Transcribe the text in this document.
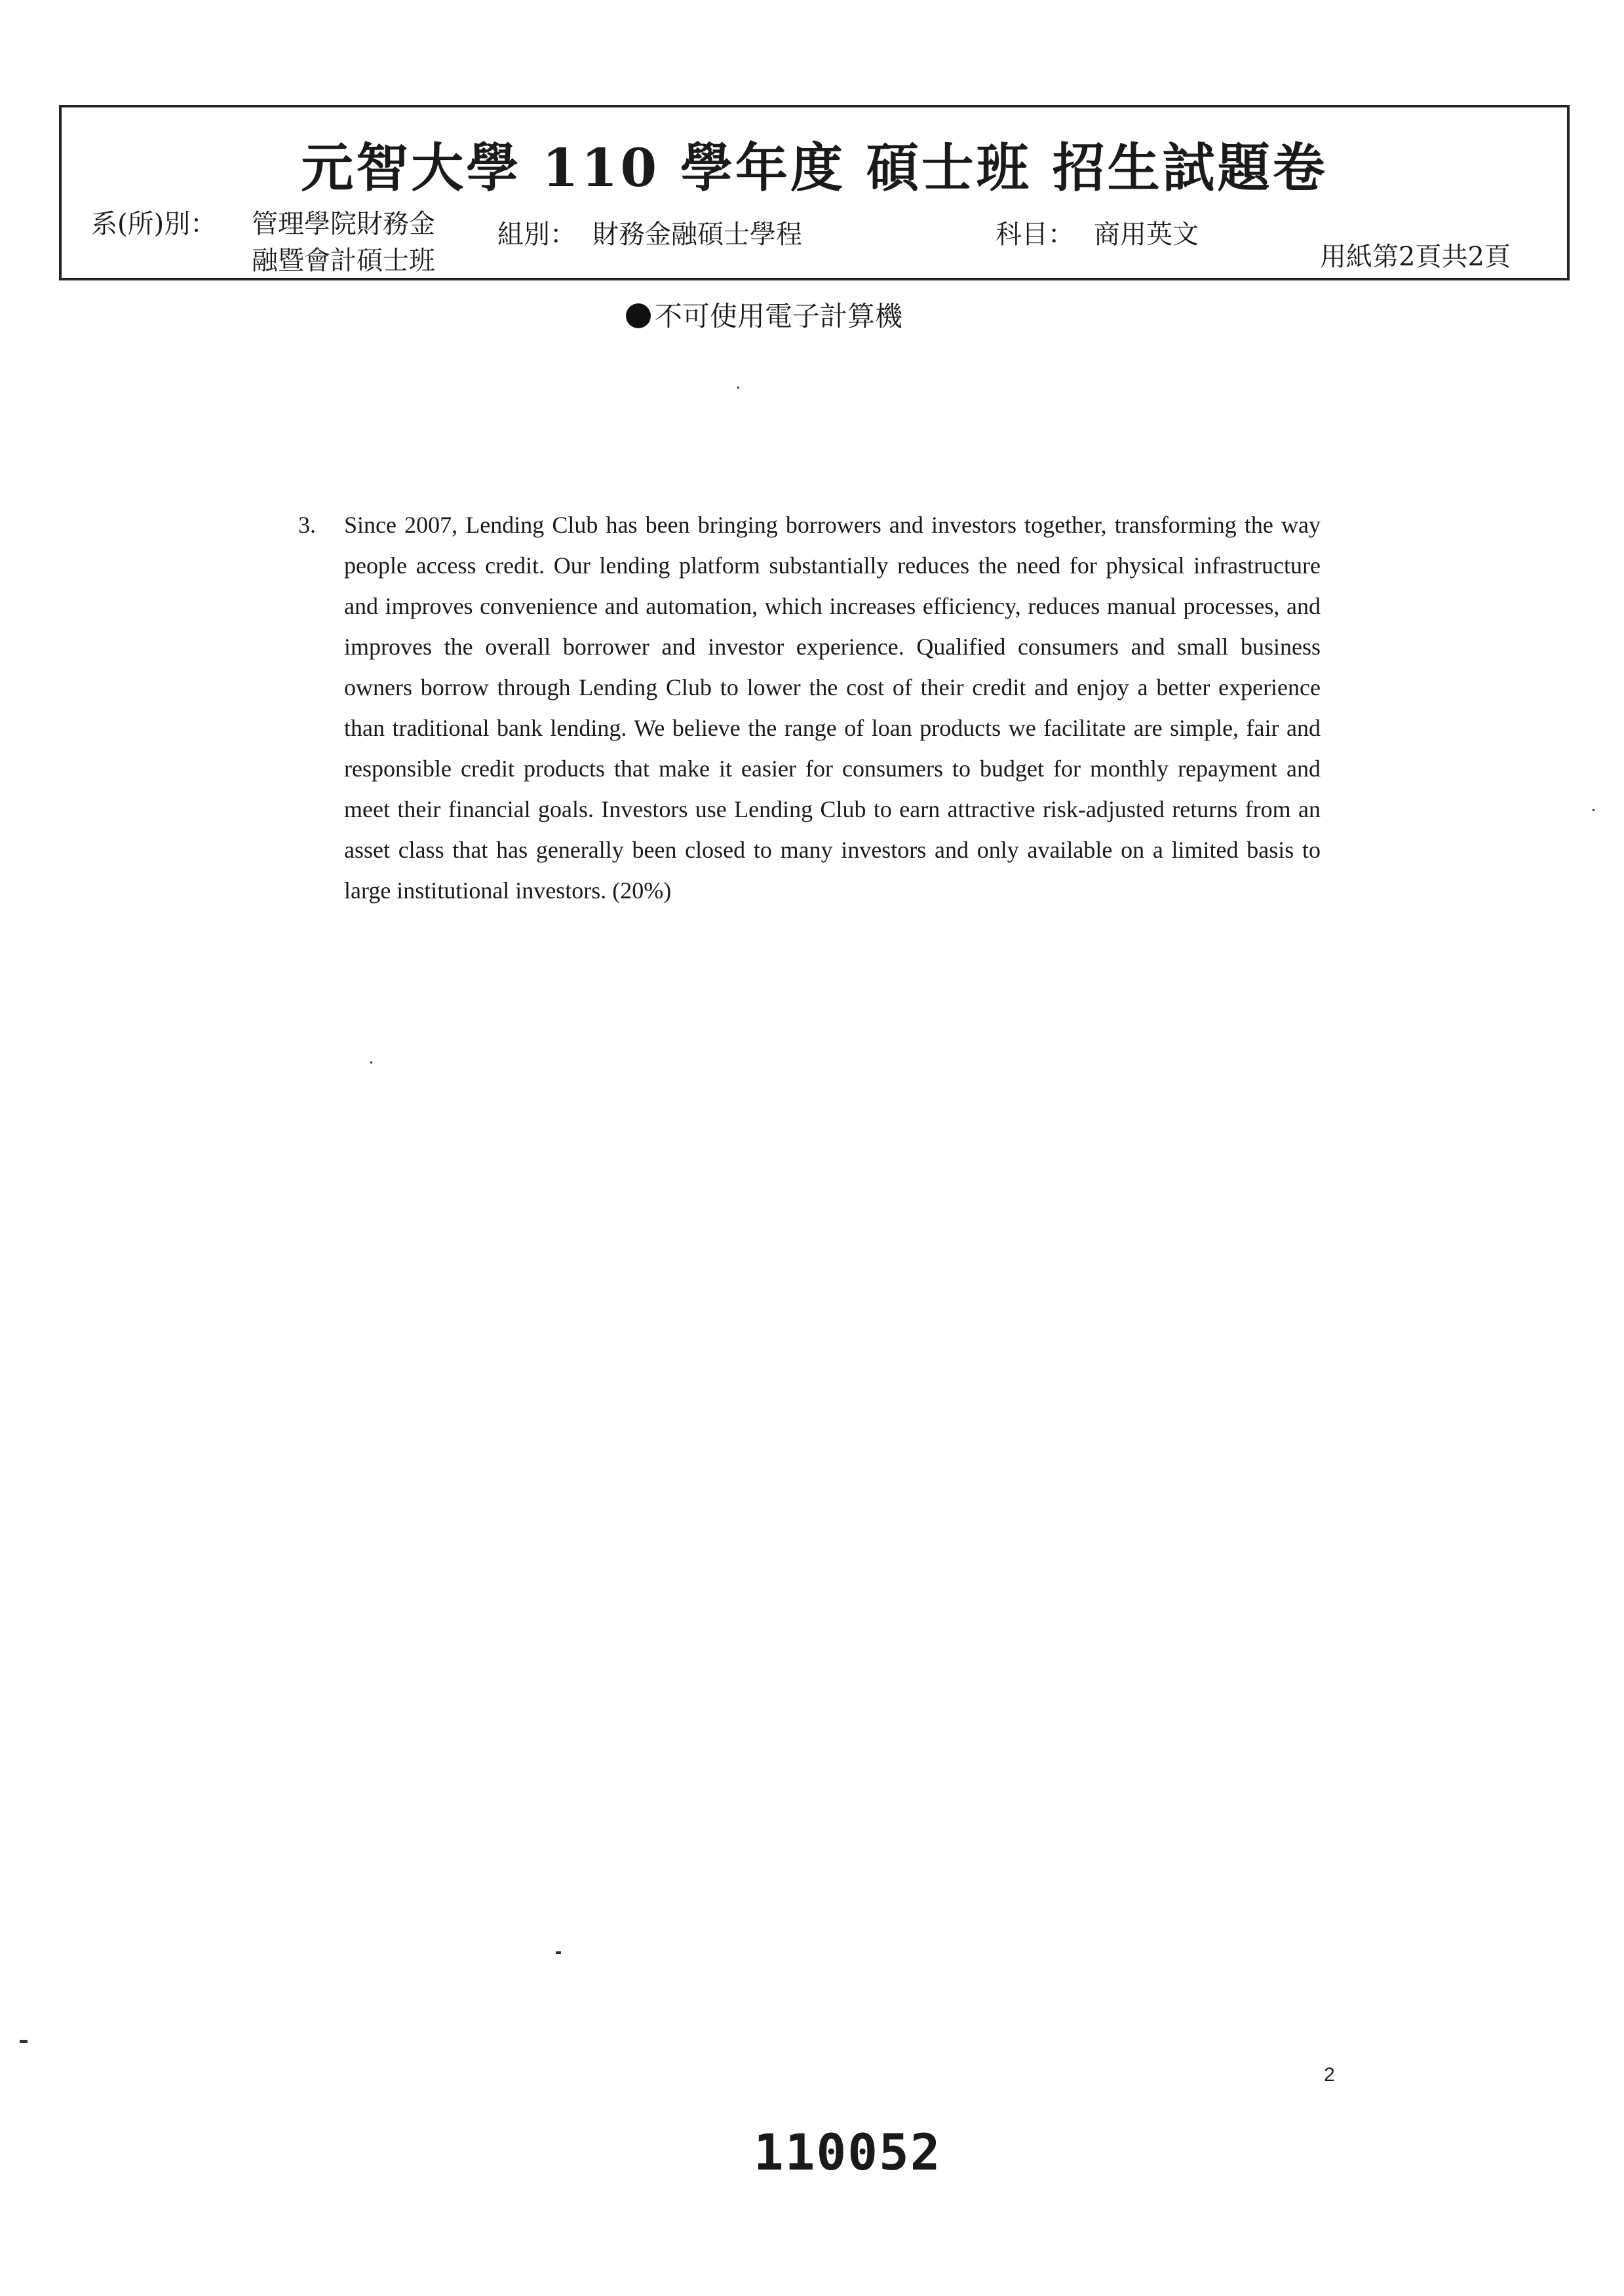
元智大學 110 學年度 碩士班 招生試題卷
系(所)別： 管理學院財務金
融暨會計碩士班
組別： 財務金融碩士學程	科目： 商用英文
用紙第2頁共2頁
不可使用電子計算機
3. Since 2007, Lending Club has been bringing borrowers and investors together, transforming the way people access credit. Our lending platform substantially reduces the need for physical infrastructure and improves convenience and automation, which increases efficiency, reduces manual processes, and improves the overall borrower and investor experience. Qualified consumers and small business owners borrow through Lending Club to lower the cost of their credit and enjoy a better experience than traditional bank lending. We believe the range of loan products we facilitate are simple, fair and responsible credit products that make it easier for consumers to budget for monthly repayment and meet their financial goals. Investors use Lending Club to earn attractive risk-adjusted returns from an asset class that has generally been closed to many investors and only available on a limited basis to large institutional investors. (20%)
2
110052
